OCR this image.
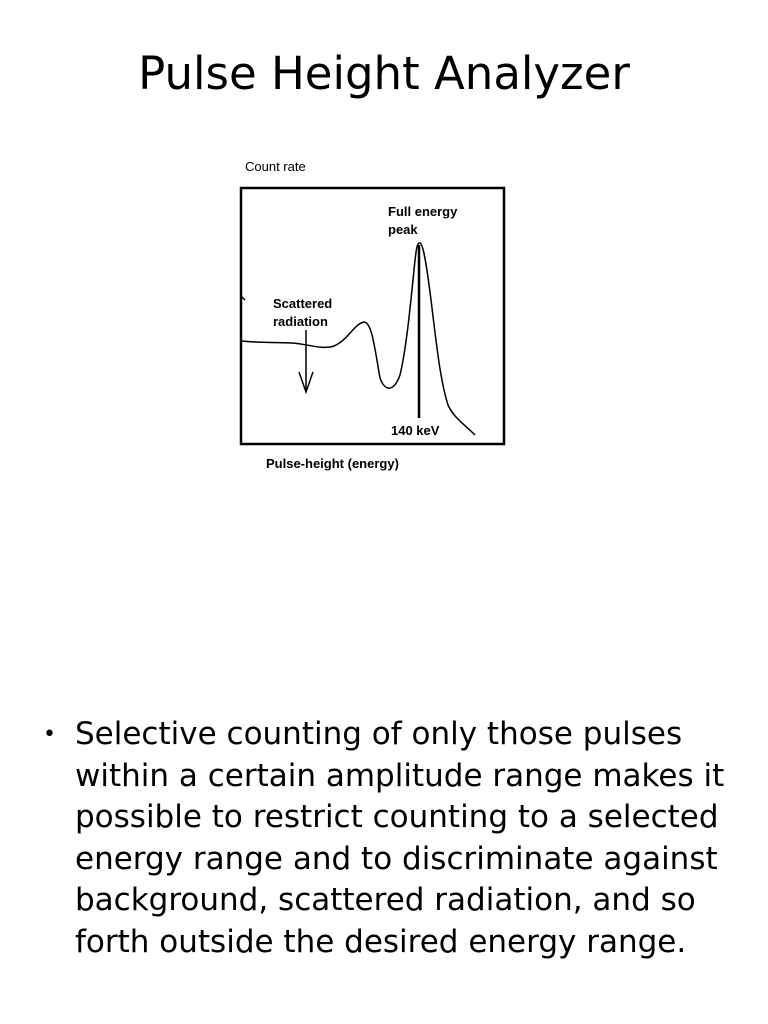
Pulse Height Analyzer
Count rate
Full energy
peak
Scattered
radiation
140 keV
Pulse-height (energy)
• Selective counting of only those pulses within a certain amplitude range makes it possible to restrict counting to a selected energy range and to discriminate against background, scattered radiation, and so forth outside the desired energy range.
